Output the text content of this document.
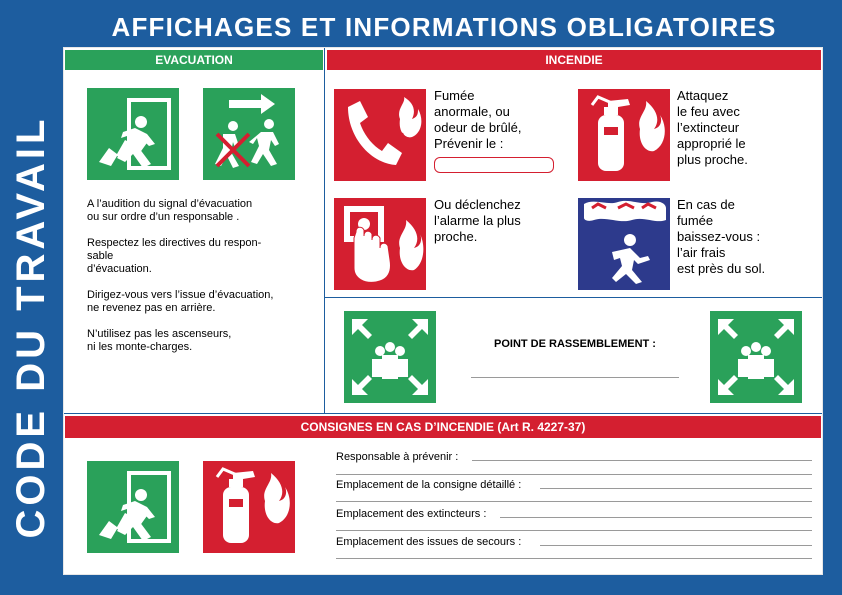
AFFICHAGES ET INFORMATIONS OBLIGATOIRES
CODE DU TRAVAIL
EVACUATION	INCENDIE
A l’audition du signal d’évacuation
ou sur ordre d’un responsable .
Respectez les directives du respon-
sable
d’évacuation.
Dirigez-vous vers l’issue d’évacuation,
ne revenez pas en arrière.
N’utilisez pas les ascenseurs,
ni les monte-charges.
Fumée
anormale, ou
odeur de brûlé,
Prévenir le :
Attaquez
le feu avec
l’extincteur
approprié le
plus proche.
Ou déclenchez
l’alarme la plus
proche.
En cas de
fumée
baissez-vous :
l’air frais
est près du sol.
POINT DE RASSEMBLEMENT :
CONSIGNES EN CAS D’INCENDIE (Art R. 4227-37)
Responsable à prévenir :
Emplacement de la consigne détaillé :
Emplacement des extincteurs :
Emplacement des issues de secours :
